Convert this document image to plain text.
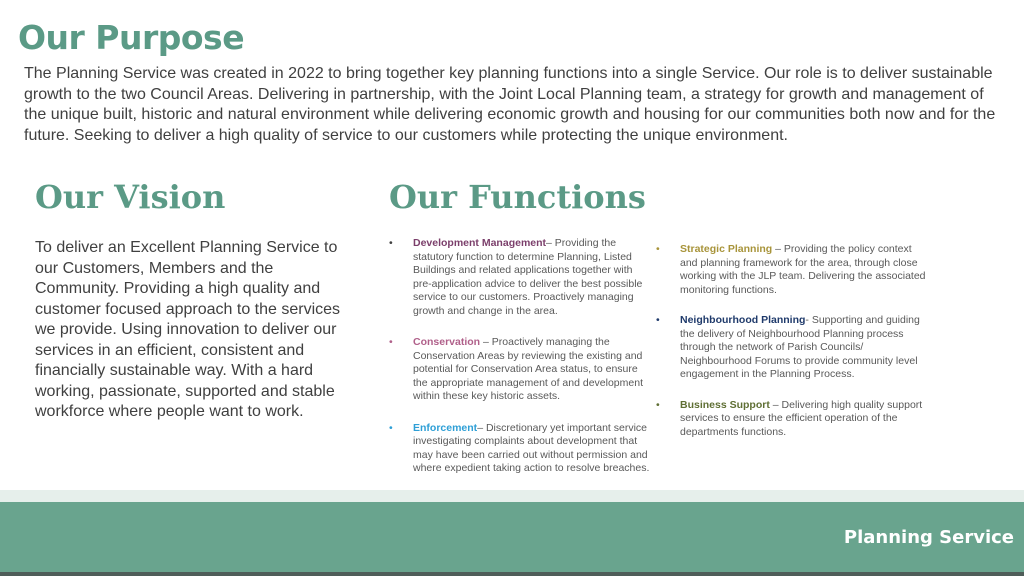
Our Purpose

The Planning Service was created in 2022 to bring together key planning functions into a single Service. Our role is to deliver sustainable growth to the two Council Areas. Delivering in partnership, with the Joint Local Planning team, a strategy for growth and management of the unique built, historic and natural environment while delivering economic growth and housing for our communities both now and for the future. Seeking to deliver a high quality of service to our customers while protecting the unique environment.

Our Vision

To deliver an Excellent Planning Service to our Customers, Members and the Community. Providing a high quality and customer focused approach to the services we provide. Using innovation to deliver our services in an efficient, consistent and financially sustainable way. With a hard working, passionate, supported and stable workforce where people want to work.

Our Functions
• Development Management– Providing the statutory function to determine Planning, Listed Buildings and related applications together with pre-application advice to deliver the best possible service to our customers. Proactively managing growth and change in the area.
• Conservation – Proactively managing the Conservation Areas by reviewing the existing and potential for Conservation Area status, to ensure the appropriate management of and development within these key historic assets.
• Enforcement– Discretionary yet important service investigating complaints about development that may have been carried out without permission and where expedient taking action to resolve breaches.
• Strategic Planning – Providing the policy context and planning framework for the area, through close working with the JLP team. Delivering the associated monitoring functions.
• Neighbourhood Planning- Supporting and guiding the delivery of Neighbourhood Planning process through the network of Parish Councils/ Neighbourhood Forums to provide community level engagement in the Planning Process.
• Business Support – Delivering high quality support services to ensure the efficient operation of the departments functions.

Planning Service
